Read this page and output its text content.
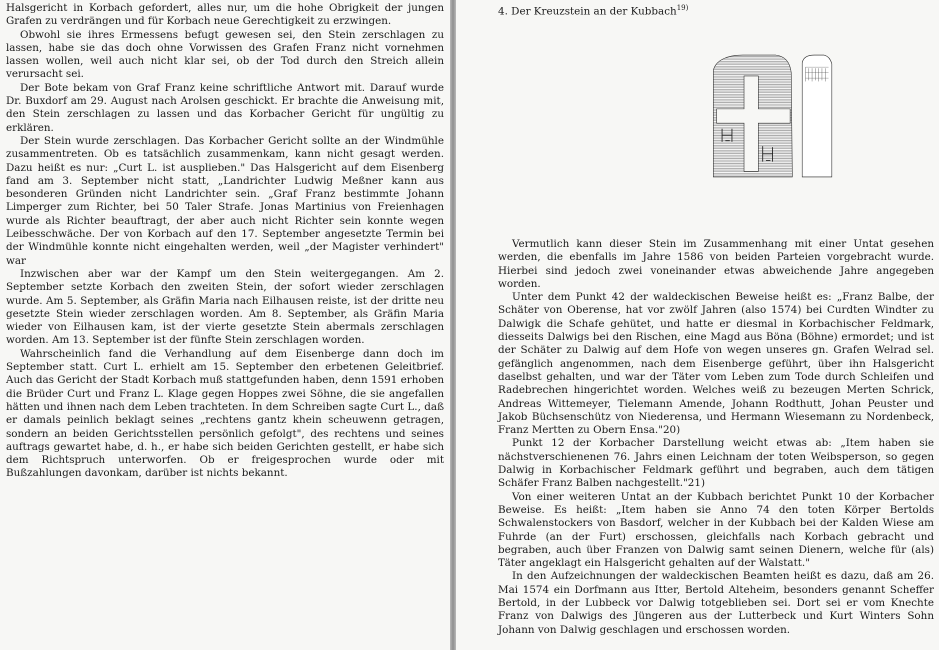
Halsgericht in Korbach gefordert, alles nur, um die hohe Obrigkeit der jungen Grafen zu verdrängen und für Korbach neue Gerechtigkeit zu erzwingen.

Obwohl sie ihres Ermessens befugt gewesen sei, den Stein zerschlagen zu lassen, habe sie das doch ohne Vorwissen des Grafen Franz nicht vornehmen lassen wollen, weil auch nicht klar sei, ob der Tod durch den Streich allein verursacht sei.

Der Bote bekam von Graf Franz keine schriftliche Antwort mit. Darauf wurde Dr. Buxdorf am 29. August nach Arolsen geschickt. Er brachte die Anweisung mit, den Stein zerschlagen zu lassen und das Korbacher Gericht für ungültig zu erklären.

Der Stein wurde zerschlagen. Das Korbacher Gericht sollte an der Windmühle zusammentreten. Ob es tatsächlich zusammenkam, kann nicht gesagt werden. Dazu heißt es nur: „Curt L. ist ausplieben." Das Halsgericht auf dem Eisenberg fand am 3. September nicht statt, „Landrichter Ludwig Meßner kann aus besonderen Gründen nicht Landrichter sein. „Graf Franz bestimmte Johann Limperger zum Richter, bei 50 Taler Strafe. Jonas Martinius von Freienhagen wurde als Richter beauftragt, der aber auch nicht Richter sein konnte wegen Leibesschwäche. Der von Korbach auf den 17. September angesetzte Termin bei der Windmühle konnte nicht eingehalten werden, weil „der Magister verhindert" war

Inzwischen aber war der Kampf um den Stein weitergegangen. Am 2. September setzte Korbach den zweiten Stein, der sofort wieder zerschlagen wurde. Am 5. September, als Gräfin Maria nach Eilhausen reiste, ist der dritte neu gesetzte Stein wieder zerschlagen worden. Am 8. September, als Gräfin Maria wieder von Eilhausen kam, ist der vierte gesetzte Stein abermals zerschlagen worden. Am 13. September ist der fünfte Stein zerschlagen worden.

Wahrscheinlich fand die Verhandlung auf dem Eisenberge dann doch im September statt. Curt L. erhielt am 15. September den erbetenen Geleitbrief. Auch das Gericht der Stadt Korbach muß stattgefunden haben, denn 1591 erhoben die Brüder Curt und Franz L. Klage gegen Hoppes zwei Söhne, die sie angefallen hätten und ihnen nach dem Leben trachteten. In dem Schreiben sagte Curt L., daß er damals peinlich beklagt seines „rechtens gantz khein scheuwenn getragen, sondern an beiden Gerichtsstellen persönlich gefolgt", des rechtens und seines auftrags gewartet habe, d. h., er habe sich beiden Gerichten gestellt, er habe sich dem Richtspruch unterworfen. Ob er freigesprochen wurde oder mit Bußzahlungen davonkam, darüber ist nichts bekannt.

4. Der Kreuzstein an der Kubbach$^{19)}$

Vermutlich kann dieser Stein im Zusammenhang mit einer Untat gesehen werden, die ebenfalls im Jahre 1586 von beiden Parteien vorgebracht wurde. Hierbei sind jedoch zwei voneinander etwas abweichende Jahre angegeben worden.

Unter dem Punkt 42 der waldeckischen Beweise heißt es: „Franz Balbe, der Schäter von Oberense, hat vor zwölf Jahren (also 1574) bei Curdten Windter zu Dalwigk die Schafe gehütet, und hatte er diesmal in Korbachischer Feldmark, diesseits Dalwigs bei den Rischen, eine Magd aus Böna (Böhne) ermordet; und ist der Schäter zu Dalwig auf dem Hofe von wegen unseres gn. Grafen Welrad sel. gefänglich angenommen, nach dem Eisenberge geführt, über ihn Halsgericht daselbst gehalten, und war der Täter vom Leben zum Tode durch Schleifen und Radebrechen hingerichtet worden. Welches weiß zu bezeugen Merten Schrick, Andreas Wittemeyer, Tielemann Amende, Johann Rodthutt, Johan Peuster und Jakob Büchsenschütz von Niederensa, und Hermann Wiesemann zu Nordenbeck, Franz Mertten zu Obern Ensa."20)

Punkt 12 der Korbacher Darstellung weicht etwas ab: „Item haben sie nächstverschienenen 76. Jahrs einen Leichnam der toten Weibsperson, so gegen Dalwig in Korbachischer Feldmark geführt und begraben, auch dem tätigen Schäfer Franz Balben nachgestellt."21)

Von einer weiteren Untat an der Kubbach berichtet Punkt 10 der Korbacher Beweise. Es heißt: „Item haben sie Anno 74 den toten Körper Bertolds Schwalenstockers von Basdorf, welcher in der Kubbach bei der Kalden Wiese am Fuhrde (an der Furt) erschossen, gleichfalls nach Korbach gebracht und begraben, auch über Franzen von Dalwig samt seinen Dienern, welche für (als) Täter angeklagt ein Halsgericht gehalten auf der Walstatt."

In den Aufzeichnungen der waldeckischen Beamten heißt es dazu, daß am 26. Mai 1574 ein Dorfmann aus Itter, Bertold Alteheim, besonders genannt Scheffer Bertold, in der Lubbeck vor Dalwig totgeblieben sei. Dort sei er vom Knechte Franz von Dalwigs des Jüngeren aus der Lutterbeck und Kurt Winters Sohn Johann von Dalwig geschlagen und erschossen worden.
